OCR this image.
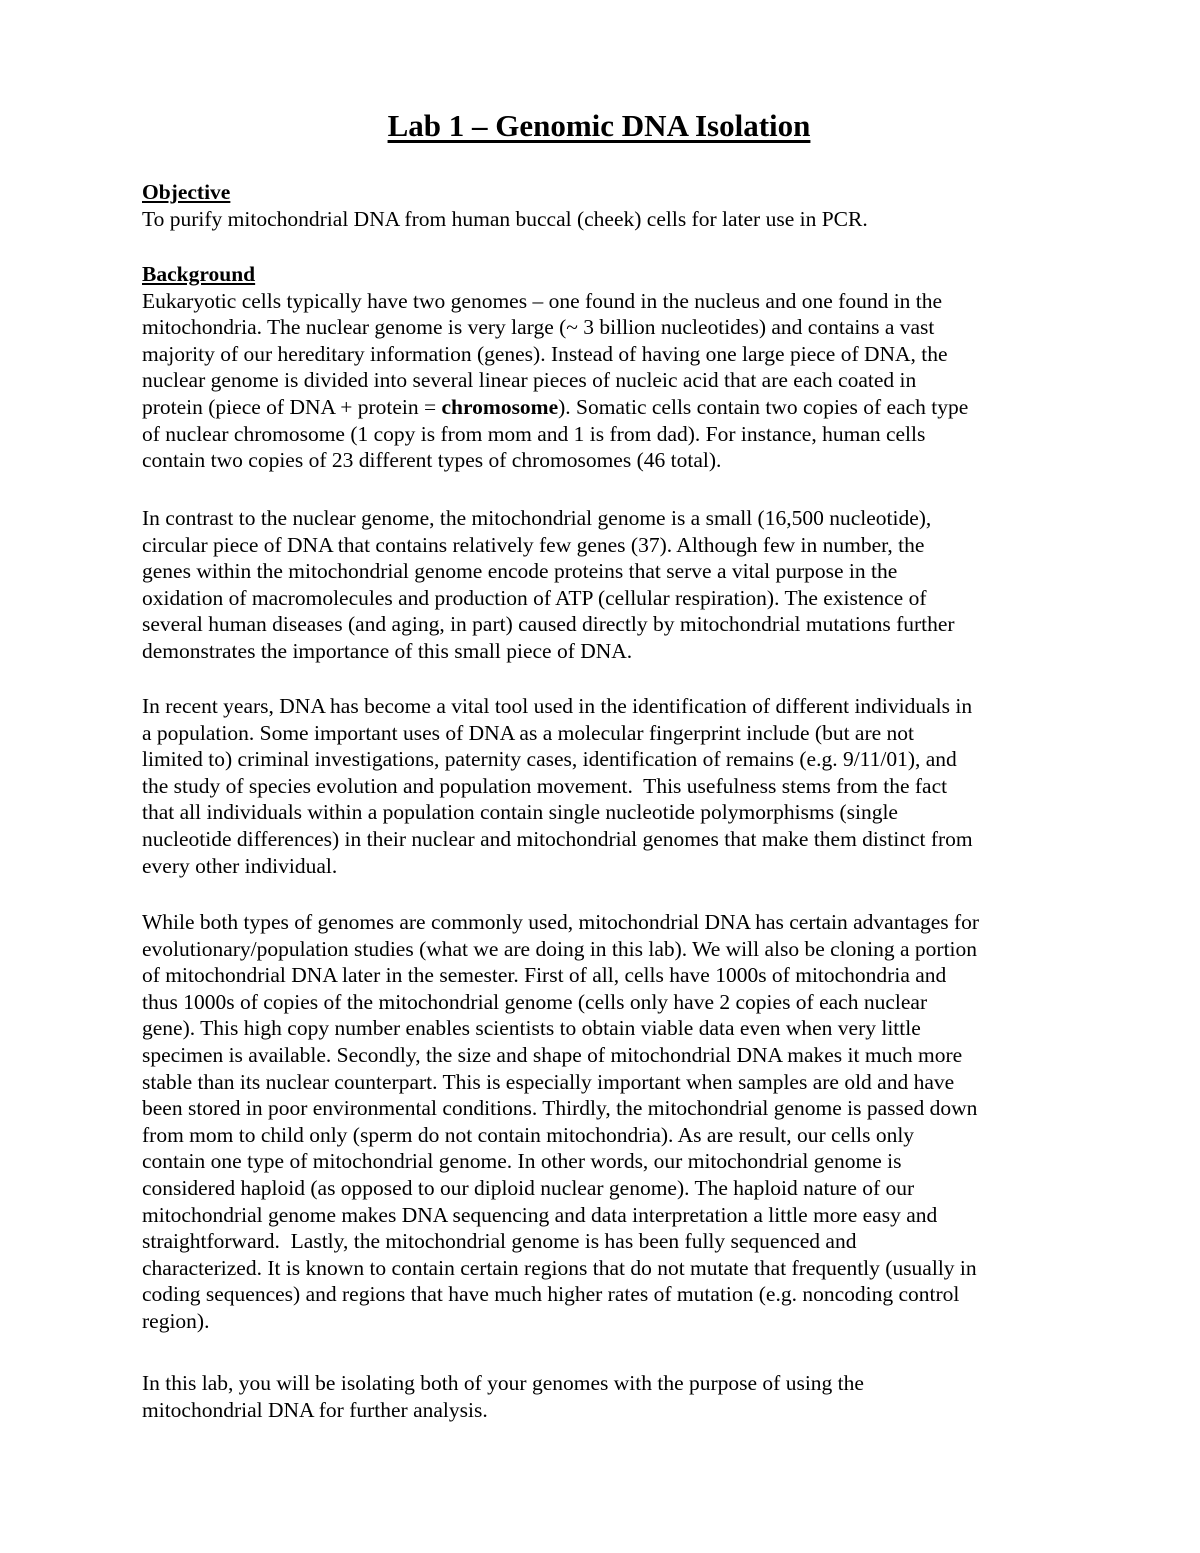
Lab 1 – Genomic DNA Isolation
Objective

To purify mitochondrial DNA from human buccal (cheek) cells for later use in PCR.

Background

Eukaryotic cells typically have two genomes – one found in the nucleus and one found in the
mitochondria. The nuclear genome is very large (~ 3 billion nucleotides) and contains a vast
majority of our hereditary information (genes). Instead of having one large piece of DNA, the
nuclear genome is divided into several linear pieces of nucleic acid that are each coated in
protein (piece of DNA + protein = chromosome). Somatic cells contain two copies of each type
of nuclear chromosome (1 copy is from mom and 1 is from dad). For instance, human cells
contain two copies of 23 different types of chromosomes (46 total).

In contrast to the nuclear genome, the mitochondrial genome is a small (16,500 nucleotide),
circular piece of DNA that contains relatively few genes (37). Although few in number, the
genes within the mitochondrial genome encode proteins that serve a vital purpose in the
oxidation of macromolecules and production of ATP (cellular respiration). The existence of
several human diseases (and aging, in part) caused directly by mitochondrial mutations further
demonstrates the importance of this small piece of DNA.

In recent years, DNA has become a vital tool used in the identification of different individuals in
a population. Some important uses of DNA as a molecular fingerprint include (but are not
limited to) criminal investigations, paternity cases, identification of remains (e.g. 9/11/01), and
the study of species evolution and population movement.  This usefulness stems from the fact
that all individuals within a population contain single nucleotide polymorphisms (single
nucleotide differences) in their nuclear and mitochondrial genomes that make them distinct from
every other individual.

While both types of genomes are commonly used, mitochondrial DNA has certain advantages for
evolutionary/population studies (what we are doing in this lab). We will also be cloning a portion
of mitochondrial DNA later in the semester. First of all, cells have 1000s of mitochondria and
thus 1000s of copies of the mitochondrial genome (cells only have 2 copies of each nuclear
gene). This high copy number enables scientists to obtain viable data even when very little
specimen is available. Secondly, the size and shape of mitochondrial DNA makes it much more
stable than its nuclear counterpart. This is especially important when samples are old and have
been stored in poor environmental conditions. Thirdly, the mitochondrial genome is passed down
from mom to child only (sperm do not contain mitochondria). As are result, our cells only
contain one type of mitochondrial genome. In other words, our mitochondrial genome is
considered haploid (as opposed to our diploid nuclear genome). The haploid nature of our
mitochondrial genome makes DNA sequencing and data interpretation a little more easy and
straightforward.  Lastly, the mitochondrial genome is has been fully sequenced and
characterized. It is known to contain certain regions that do not mutate that frequently (usually in
coding sequences) and regions that have much higher rates of mutation (e.g. noncoding control
region).

In this lab, you will be isolating both of your genomes with the purpose of using the
mitochondrial DNA for further analysis.
